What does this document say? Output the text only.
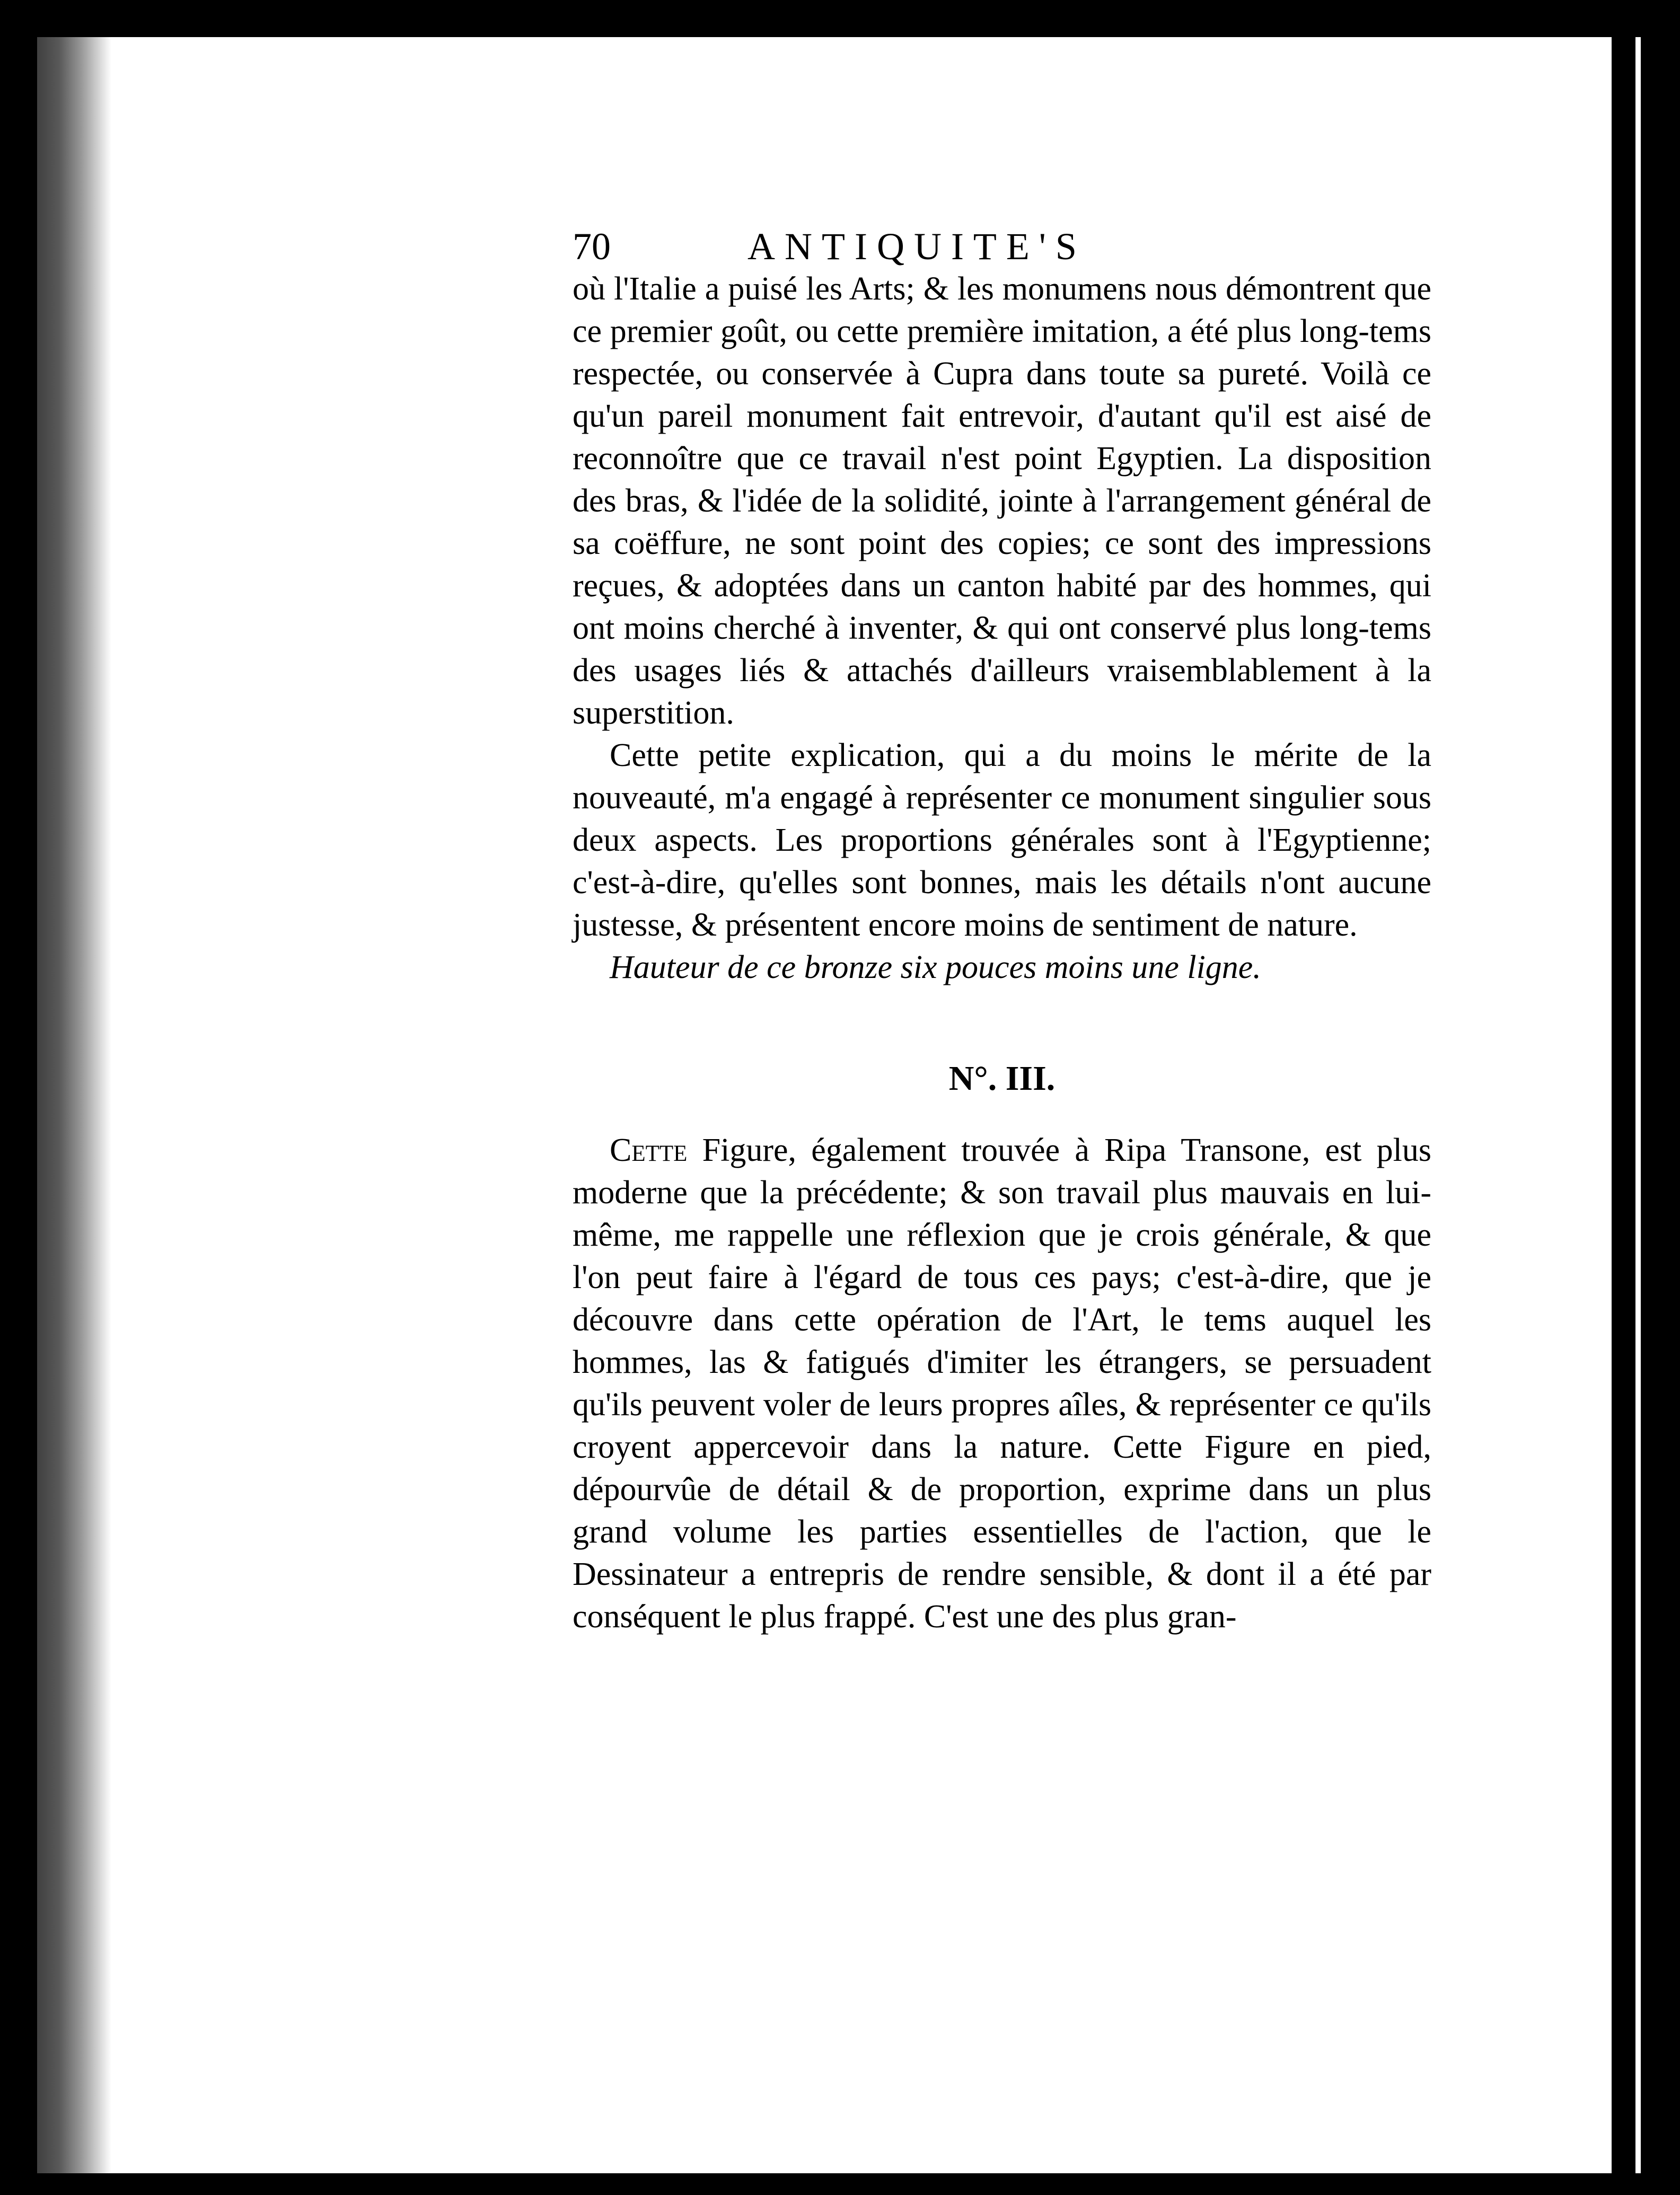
70	ANTIQUITE'S

où l'Italie a puisé les Arts; & les monumens nous démontrent que ce premier goût, ou cette première imitation, a été plus long-tems respectée, ou conservée à Cupra dans toute sa pureté. Voilà ce qu'un pareil monument fait entrevoir, d'autant qu'il est aisé de reconnoître que ce travail n'est point Egyptien. La disposition des bras, & l'idée de la solidité, jointe à l'arrangement général de sa coëffure, ne sont point des copies; ce sont des impressions reçues, & adoptées dans un canton habité par des hommes, qui ont moins cherché à inventer, & qui ont conservé plus long-tems des usages liés & attachés d'ailleurs vraisemblablement à la superstition.

Cette petite explication, qui a du moins le mérite de la nouveauté, m'a engagé à représenter ce monument singulier sous deux aspects. Les proportions générales sont à l'Egyptienne; c'est-à-dire, qu'elles sont bonnes, mais les détails n'ont aucune justesse, & présentent encore moins de sentiment de nature.

Hauteur de ce bronze six pouces moins une ligne.

N°. III.

Cette Figure, également trouvée à Ripa Transone, est plus moderne que la précédente; & son travail plus mauvais en lui-même, me rappelle une réflexion que je crois générale, & que l'on peut faire à l'égard de tous ces pays; c'est-à-dire, que je découvre dans cette opération de l'Art, le tems auquel les hommes, las & fatigués d'imiter les étrangers, se persuadent qu'ils peuvent voler de leurs propres aîles, & représenter ce qu'ils croyent appercevoir dans la nature. Cette Figure en pied, dépourvûe de détail & de proportion, exprime dans un plus grand volume les parties essentielles de l'action, que le Dessinateur a entrepris de rendre sensible, & dont il a été par conséquent le plus frappé. C'est une des plus gran-
